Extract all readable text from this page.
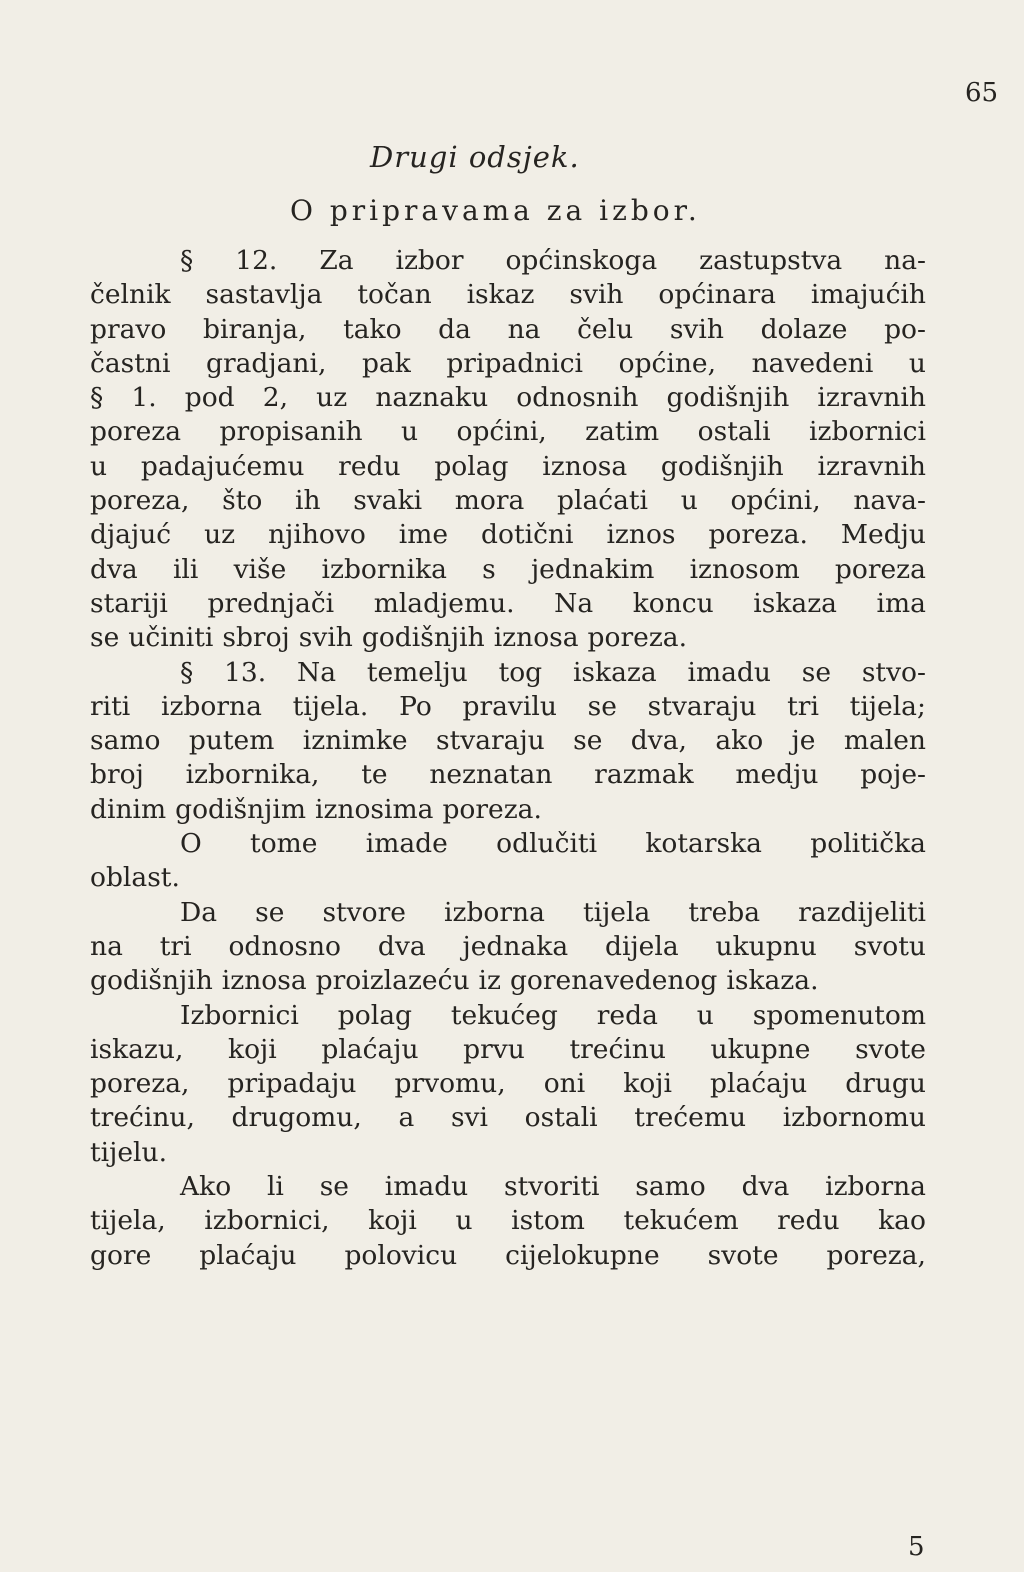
65
Drugi odsjek.
O pripravama za izbor.
§ 12. Za izbor općinskoga zastupstva na-
čelnik sastavlja točan iskaz svih općinara imajućih
pravo biranja, tako da na čelu svih dolaze po-
častni gradjani, pak pripadnici općine, navedeni u
§ 1. pod 2, uz naznaku odnosnih godišnjih izravnih
poreza propisanih u općini, zatim ostali izbornici
u padajućemu redu polag iznosa godišnjih izravnih
poreza, što ih svaki mora plaćati u općini, nava-
djajuć uz njihovo ime dotični iznos poreza. Medju
dva ili više izbornika s jednakim iznosom poreza
stariji prednjači mladjemu. Na koncu iskaza ima
se učiniti sbroj svih godišnjih iznosa poreza.
§ 13. Na temelju tog iskaza imadu se stvo-
riti izborna tijela. Po pravilu se stvaraju tri tijela;
samo putem iznimke stvaraju se dva, ako je malen
broj izbornika, te neznatan razmak medju poje-
dinim godišnjim iznosima poreza.
O tome imade odlučiti kotarska politička
oblast.
Da se stvore izborna tijela treba razdijeliti
na tri odnosno dva jednaka dijela ukupnu svotu
godišnjih iznosa proizlazeću iz gorenavedenog iskaza.
Izbornici polag tekućeg reda u spomenutom
iskazu, koji plaćaju prvu trećinu ukupne svote
poreza, pripadaju prvomu, oni koji plaćaju drugu
trećinu, drugomu, a svi ostali trećemu izbornomu
tijelu.
Ako li se imadu stvoriti samo dva izborna
tijela, izbornici, koji u istom tekućem redu kao
gore plaćaju polovicu cijelokupne svote poreza,
5
